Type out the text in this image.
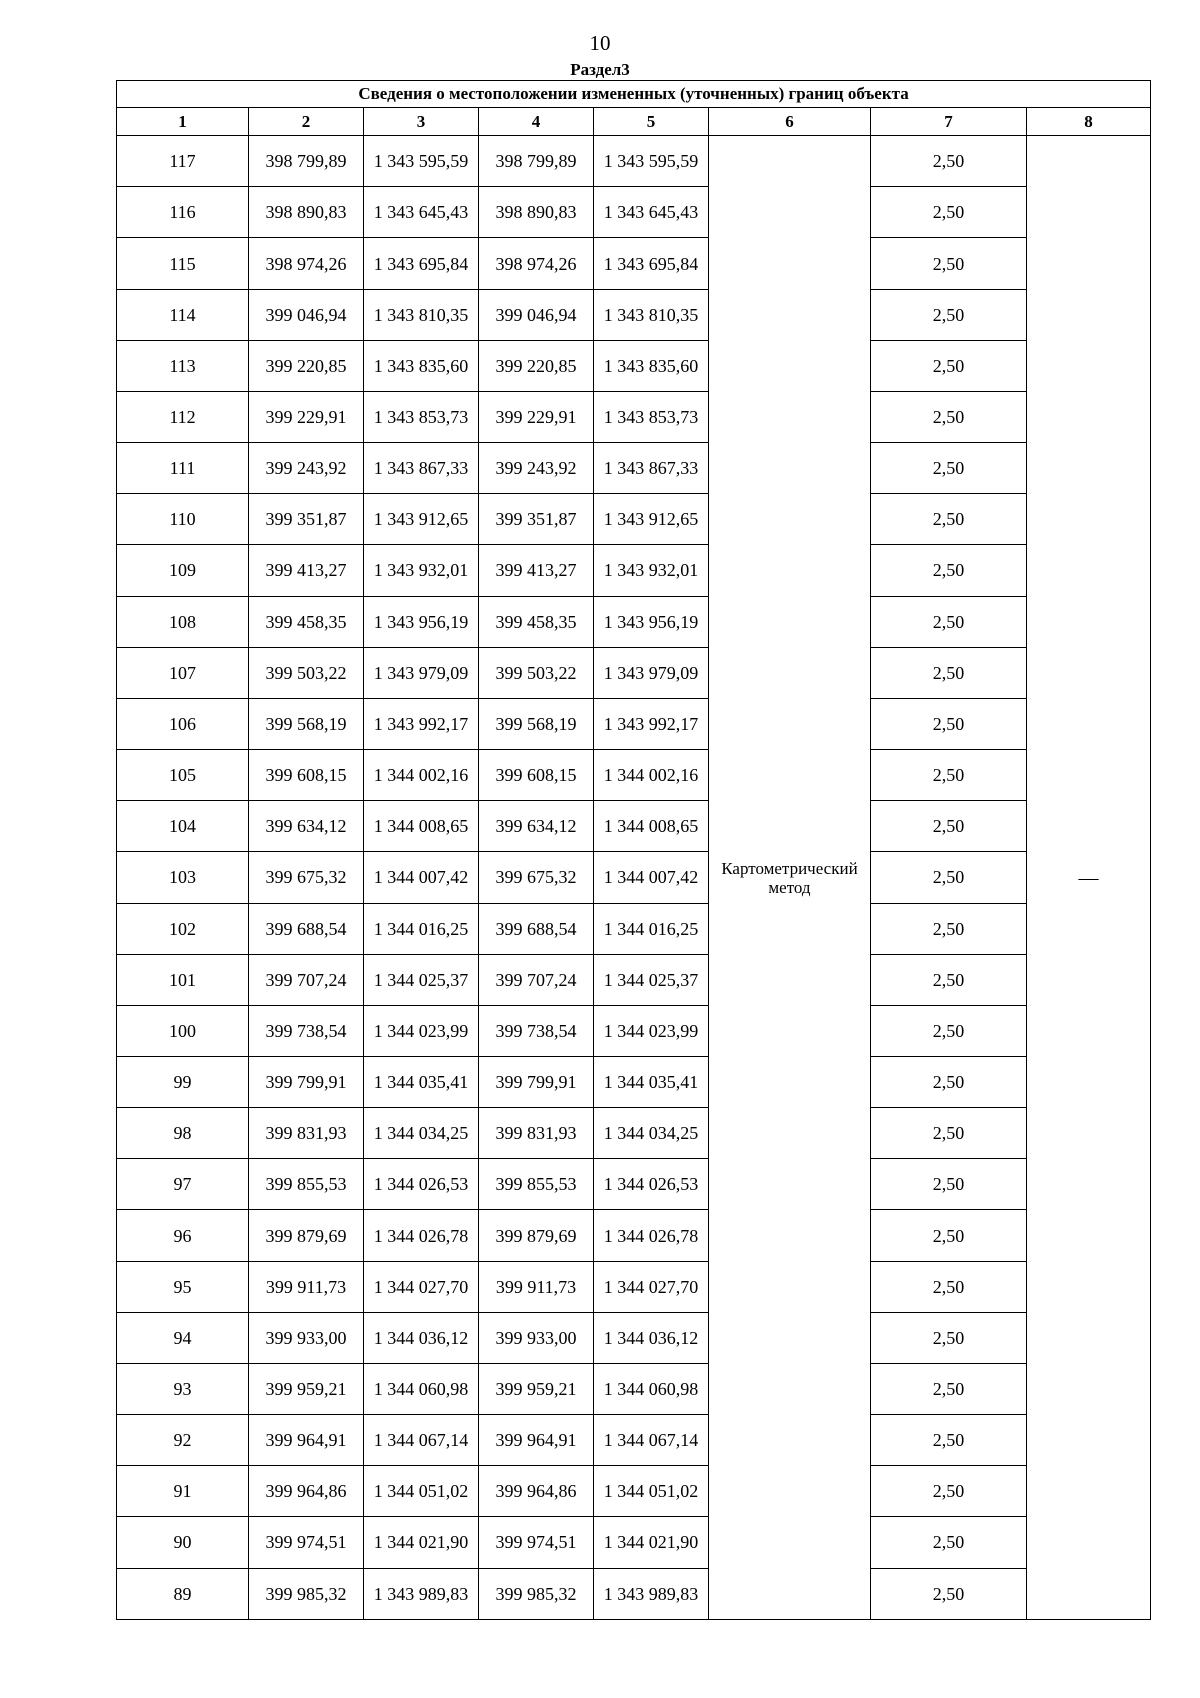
10
Раздел3
Сведения о местоположении измененных (уточненных) границ объекта							
1	2	3	4	5	6	7	8
117	398 799,89	1 343 595,59	398 799,89	1 343 595,59	Картометрический метод	2,50	—
116	398 890,83	1 343 645,43	398 890,83	1 343 645,43		2,50	
115	398 974,26	1 343 695,84	398 974,26	1 343 695,84		2,50	
114	399 046,94	1 343 810,35	399 046,94	1 343 810,35		2,50	
113	399 220,85	1 343 835,60	399 220,85	1 343 835,60		2,50	
112	399 229,91	1 343 853,73	399 229,91	1 343 853,73		2,50	
111	399 243,92	1 343 867,33	399 243,92	1 343 867,33		2,50	
110	399 351,87	1 343 912,65	399 351,87	1 343 912,65		2,50	
109	399 413,27	1 343 932,01	399 413,27	1 343 932,01		2,50	
108	399 458,35	1 343 956,19	399 458,35	1 343 956,19		2,50	
107	399 503,22	1 343 979,09	399 503,22	1 343 979,09		2,50	
106	399 568,19	1 343 992,17	399 568,19	1 343 992,17		2,50	
105	399 608,15	1 344 002,16	399 608,15	1 344 002,16		2,50	
104	399 634,12	1 344 008,65	399 634,12	1 344 008,65		2,50	
103	399 675,32	1 344 007,42	399 675,32	1 344 007,42		2,50	
102	399 688,54	1 344 016,25	399 688,54	1 344 016,25		2,50	
101	399 707,24	1 344 025,37	399 707,24	1 344 025,37		2,50	
100	399 738,54	1 344 023,99	399 738,54	1 344 023,99		2,50	
99	399 799,91	1 344 035,41	399 799,91	1 344 035,41		2,50	
98	399 831,93	1 344 034,25	399 831,93	1 344 034,25		2,50	
97	399 855,53	1 344 026,53	399 855,53	1 344 026,53		2,50	
96	399 879,69	1 344 026,78	399 879,69	1 344 026,78		2,50	
95	399 911,73	1 344 027,70	399 911,73	1 344 027,70		2,50	
94	399 933,00	1 344 036,12	399 933,00	1 344 036,12		2,50	
93	399 959,21	1 344 060,98	399 959,21	1 344 060,98		2,50	
92	399 964,91	1 344 067,14	399 964,91	1 344 067,14		2,50	
91	399 964,86	1 344 051,02	399 964,86	1 344 051,02		2,50	
90	399 974,51	1 344 021,90	399 974,51	1 344 021,90		2,50	
89	399 985,32	1 343 989,83	399 985,32	1 343 989,83		2,50	
